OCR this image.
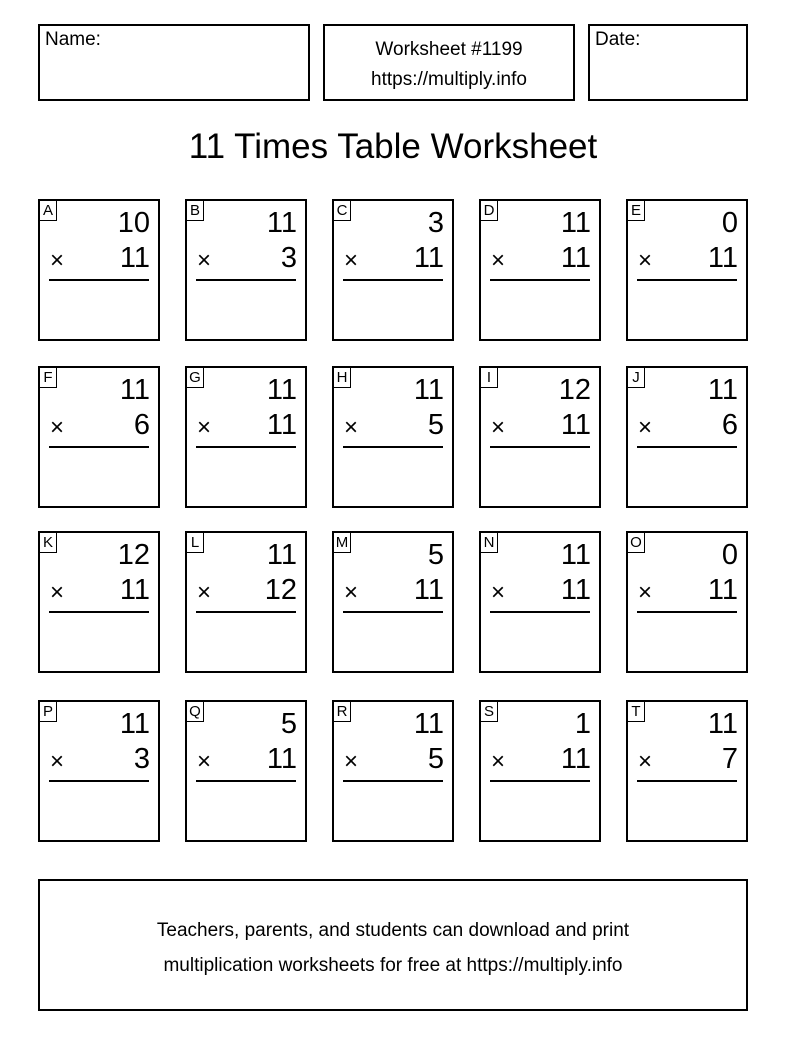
Name:	Worksheet #1199
https://multiply.info
Date:
11 Times Table Worksheet
A 10
× 11
B 11
× 3
C	3
× 11
D 11
× 11
E	0
× 11
F 11
× 6
G 11
× 11
H 11
× 5
I 12
× 11
J 11
× 6
K 12
× 11
L 11
× 12
M	5
× 11
N 11
× 11
O	0
× 11
P 11
× 3
Q	5
× 11
R 11
× 5
S	1
× 11
T 11
× 7
Teachers, parents, and students can download and print
multiplication worksheets for free at https://multiply.info
